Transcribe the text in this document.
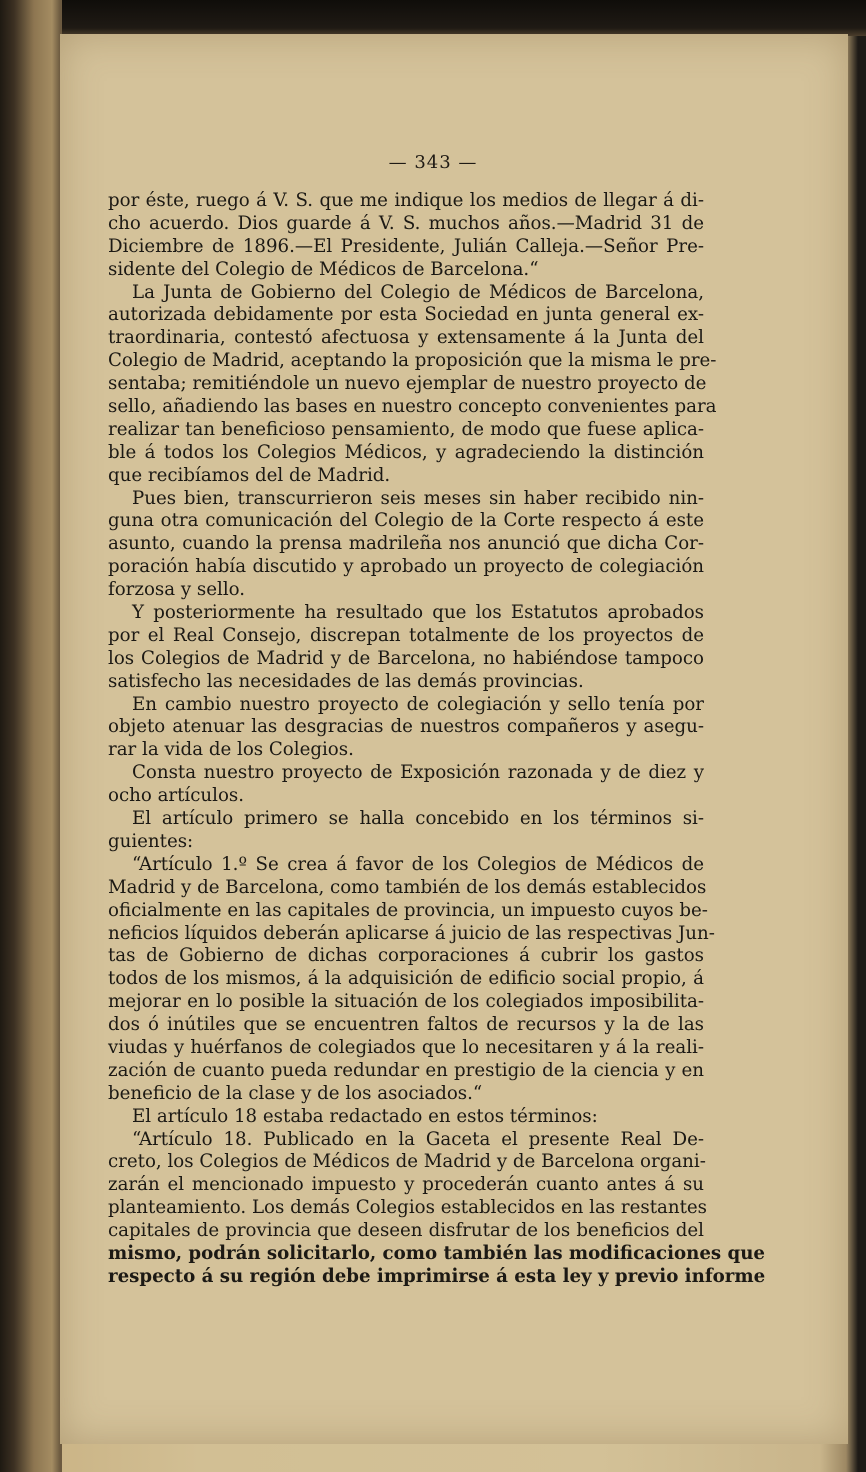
— 343 —
por éste, ruego á V. S. que me indique los medios de llegar á di-
cho acuerdo. Dios guarde á V. S. muchos años.—Madrid 31 de
Diciembre de 1896.—El Presidente, Julián Calleja.—Señor Pre-
sidente del Colegio de Médicos de Barcelona.“
La Junta de Gobierno del Colegio de Médicos de Barcelona,
autorizada debidamente por esta Sociedad en junta general ex-
traordinaria, contestó afectuosa y extensamente á la Junta del
Colegio de Madrid, aceptando la proposición que la misma le pre-
sentaba; remitiéndole un nuevo ejemplar de nuestro proyecto de
sello, añadiendo las bases en nuestro concepto convenientes para
realizar tan beneficioso pensamiento, de modo que fuese aplica-
ble á todos los Colegios Médicos, y agradeciendo la distinción
que recibíamos del de Madrid.
Pues bien, transcurrieron seis meses sin haber recibido nin-
guna otra comunicación del Colegio de la Corte respecto á este
asunto, cuando la prensa madrileña nos anunció que dicha Cor-
poración había discutido y aprobado un proyecto de colegiación
forzosa y sello.
Y posteriormente ha resultado que los Estatutos aprobados
por el Real Consejo, discrepan totalmente de los proyectos de
los Colegios de Madrid y de Barcelona, no habiéndose tampoco
satisfecho las necesidades de las demás provincias.
En cambio nuestro proyecto de colegiación y sello tenía por
objeto atenuar las desgracias de nuestros compañeros y asegu-
rar la vida de los Colegios.
Consta nuestro proyecto de Exposición razonada y de diez y
ocho artículos.
El artículo primero se halla concebido en los términos si-
guientes:
“Artículo 1.º Se crea á favor de los Colegios de Médicos de
Madrid y de Barcelona, como también de los demás establecidos
oficialmente en las capitales de provincia, un impuesto cuyos be-
neficios líquidos deberán aplicarse á juicio de las respectivas Jun-
tas de Gobierno de dichas corporaciones á cubrir los gastos
todos de los mismos, á la adquisición de edificio social propio, á
mejorar en lo posible la situación de los colegiados imposibilita-
dos ó inútiles que se encuentren faltos de recursos y la de las
viudas y huérfanos de colegiados que lo necesitaren y á la reali-
zación de cuanto pueda redundar en prestigio de la ciencia y en
beneficio de la clase y de los asociados.“
El artículo 18 estaba redactado en estos términos:
“Artículo 18. Publicado en la Gaceta el presente Real De-
creto, los Colegios de Médicos de Madrid y de Barcelona organi-
zarán el mencionado impuesto y procederán cuanto antes á su
planteamiento. Los demás Colegios establecidos en las restantes
capitales de provincia que deseen disfrutar de los beneficios del
mismo, podrán solicitarlo, como también las modificaciones que
respecto á su región debe imprimirse á esta ley y previo informe
